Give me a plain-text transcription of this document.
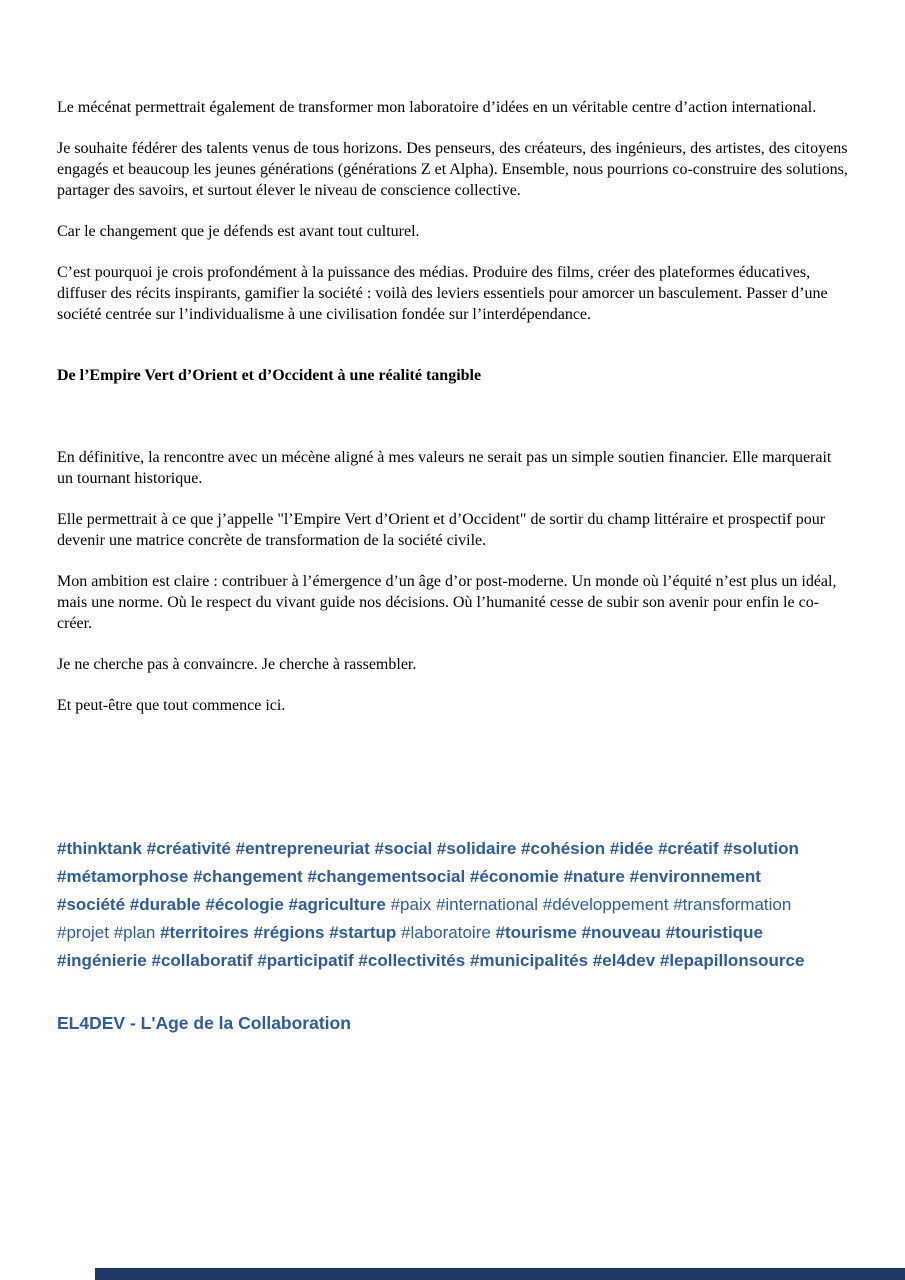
Le mécénat permettrait également de transformer mon laboratoire d’idées en un véritable centre d’action international.

Je souhaite fédérer des talents venus de tous horizons. Des penseurs, des créateurs, des ingénieurs, des artistes, des citoyens engagés et beaucoup les jeunes générations (générations Z et Alpha). Ensemble, nous pourrions co-construire des solutions, partager des savoirs, et surtout élever le niveau de conscience collective.

Car le changement que je défends est avant tout culturel.

C’est pourquoi je crois profondément à la puissance des médias. Produire des films, créer des plateformes éducatives, diffuser des récits inspirants, gamifier la société : voilà des leviers essentiels pour amorcer un basculement. Passer d’une société centrée sur l’individualisme à une civilisation fondée sur l’interdépendance.

De l’Empire Vert d’Orient et d’Occident à une réalité tangible

En définitive, la rencontre avec un mécène aligné à mes valeurs ne serait pas un simple soutien financier. Elle marquerait un tournant historique.

Elle permettrait à ce que j’appelle "l’Empire Vert d’Orient et d’Occident" de sortir du champ littéraire et prospectif pour devenir une matrice concrète de transformation de la société civile.

Mon ambition est claire : contribuer à l’émergence d’un âge d’or post-moderne. Un monde où l’équité n’est plus un idéal, mais une norme. Où le respect du vivant guide nos décisions. Où l’humanité cesse de subir son avenir pour enfin le co-créer.

Je ne cherche pas à convaincre. Je cherche à rassembler.

Et peut-être que tout commence ici.

#thinktank #créativité #entrepreneuriat #social #solidaire #cohésion #idée #créatif #solution
#métamorphose #changement #changementsocial #économie #nature #environnement
#société #durable #écologie #agriculture #paix #international #développement #transformation
#projet #plan #territoires #régions #startup #laboratoire #tourisme #nouveau #touristique
#ingénierie #collaboratif #participatif #collectivités #municipalités #el4dev #lepapillonsource

EL4DEV - L'Age de la Collaboration
